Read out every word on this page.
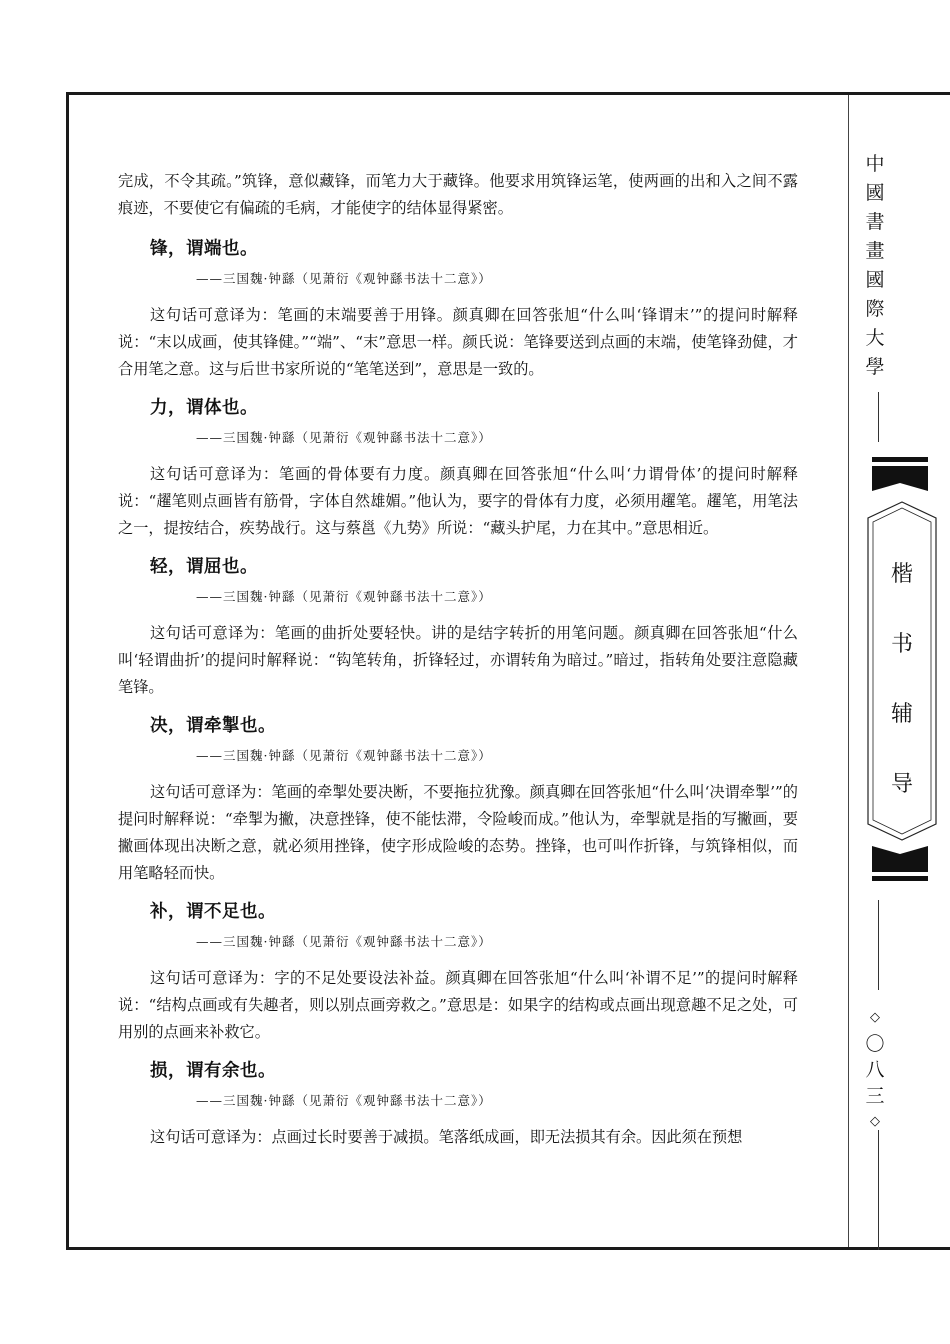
完成，不令其疏。”筑锋，意似藏锋，而笔力大于藏锋。他要求用筑锋运笔，使两画的出和入之间不露痕迹，不要使它有偏疏的毛病，才能使字的结体显得紧密。

锋，谓端也。
——三国魏·钟繇（见萧衍《观钟繇书法十二意》）

这句话可意译为：笔画的末端要善于用锋。颜真卿在回答张旭“什么叫‘锋谓末’”的提问时解释说：“末以成画，使其锋健。”“端”、“末”意思一样。颜氏说：笔锋要送到点画的末端，使笔锋劲健，才合用笔之意。这与后世书家所说的“笔笔送到”，意思是一致的。

力，谓体也。
——三国魏·钟繇（见萧衍《观钟繇书法十二意》）

这句话可意译为：笔画的骨体要有力度。颜真卿在回答张旭“什么叫‘力谓骨体’的提问时解释说：“趯笔则点画皆有筋骨，字体自然雄媚。”他认为，要字的骨体有力度，必须用趯笔。趯笔，用笔法之一，提按结合，疾势战行。这与蔡邕《九势》所说：“藏头护尾，力在其中。”意思相近。

轻，谓屈也。
——三国魏·钟繇（见萧衍《观钟繇书法十二意》）

这句话可意译为：笔画的曲折处要轻快。讲的是结字转折的用笔问题。颜真卿在回答张旭“什么叫‘轻谓曲折’的提问时解释说：“钩笔转角，折锋轻过，亦谓转角为暗过。”暗过，指转角处要注意隐藏笔锋。

决，谓牵掣也。
——三国魏·钟繇（见萧衍《观钟繇书法十二意》）

这句话可意译为：笔画的牵掣处要决断，不要拖拉犹豫。颜真卿在回答张旭“什么叫‘决谓牵掣’”的提问时解释说：“牵掣为撇，决意挫锋，使不能怯滞，令险峻而成。”他认为，牵掣就是指的写撇画，要撇画体现出决断之意，就必须用挫锋，使字形成险峻的态势。挫锋，也可叫作折锋，与筑锋相似，而用笔略轻而快。

补，谓不足也。
——三国魏·钟繇（见萧衍《观钟繇书法十二意》）

这句话可意译为：字的不足处要设法补益。颜真卿在回答张旭“什么叫‘补谓不足’”的提问时解释说：“结构点画或有失趣者，则以别点画旁救之。”意思是：如果字的结构或点画出现意趣不足之处，可用别的点画来补救它。

损，谓有余也。
——三国魏·钟繇（见萧衍《观钟繇书法十二意》）

这句话可意译为：点画过长时要善于减损。笔落纸成画，即无法损其有余。因此须在预想

中
國
書
畫
國
際
大
學
楷
书
辅
导
◇
〇
八
三
◇
